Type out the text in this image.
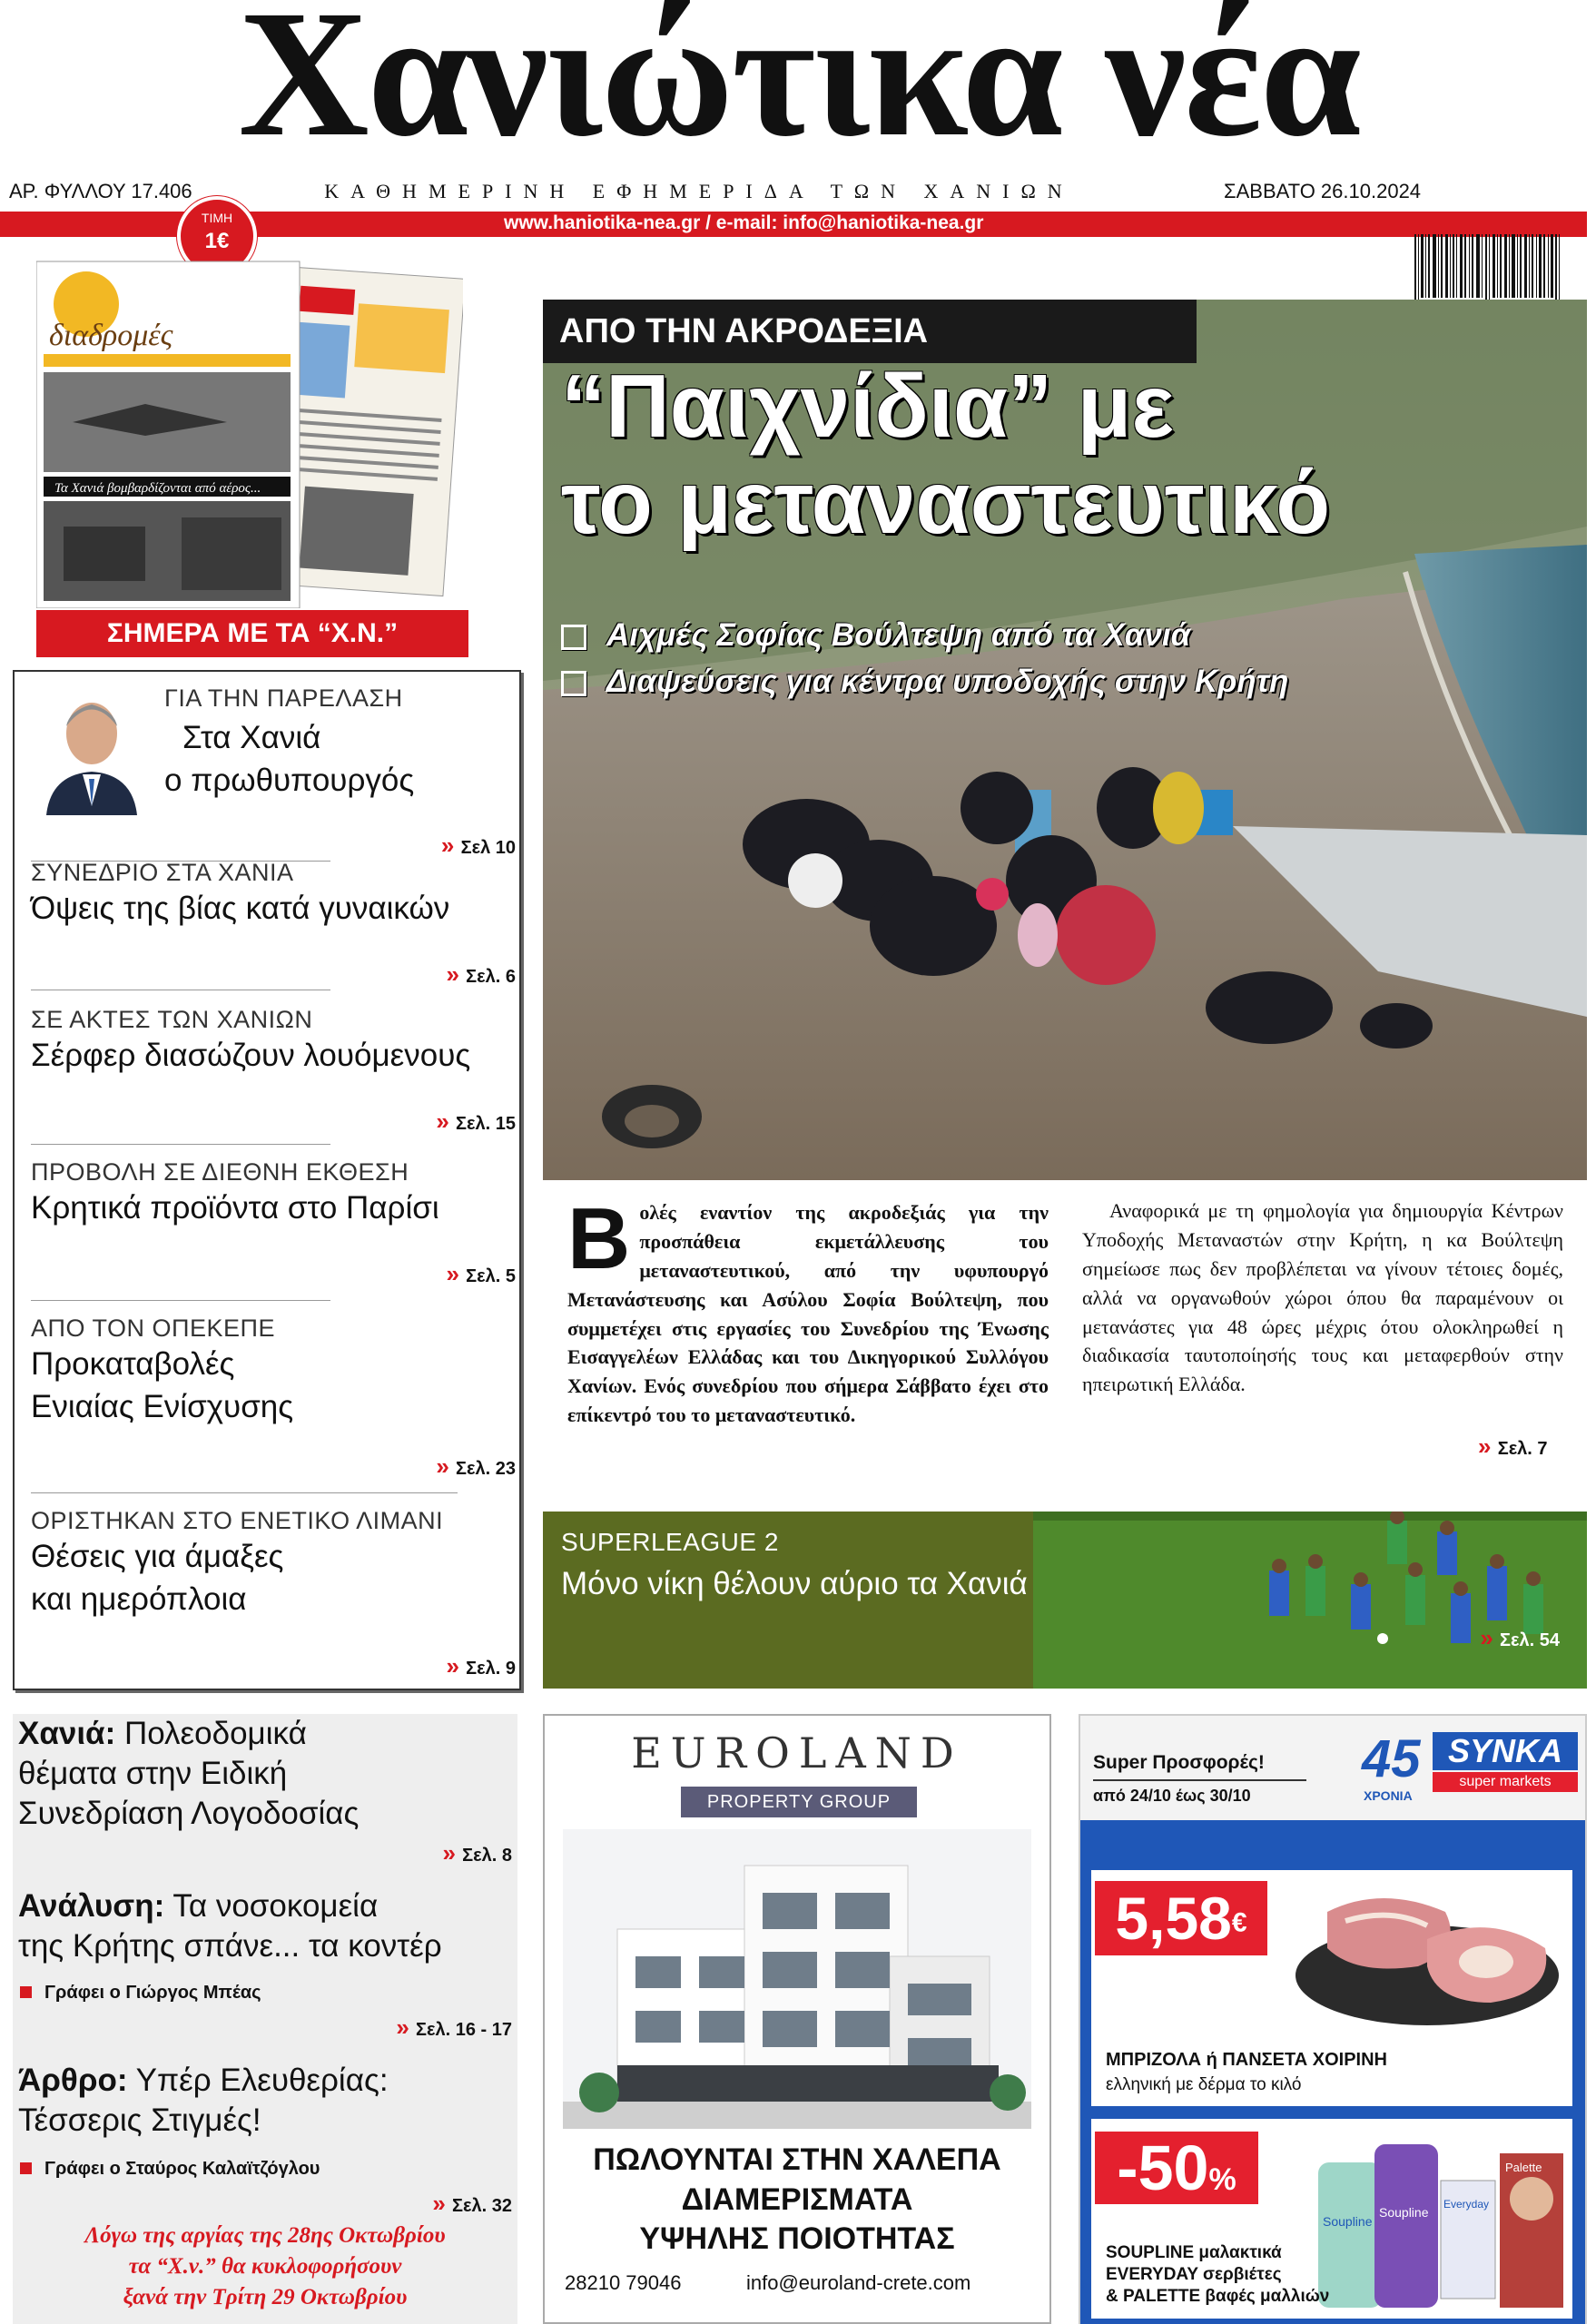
Χανιώτικα νέα
ΑΡ. ΦΥΛΛΟΥ 17.406	ΚΑΘΗΜΕΡΙΝΗ ΕΦΗΜΕΡΙΔΑ ΤΩΝ ΧΑΝΙΩΝ	ΣΑΒΒΑΤΟ 26.10.2024
www.haniotika-nea.gr / e-mail: info@haniotika-nea.gr
ΤΙΜΗ
1€
διαδρομές
Τα Χανιά βομβαρδίζονται από αέρος...
ΣΗΜΕΡΑ ΜΕ ΤΑ “Χ.Ν.”
ΓΙΑ ΤΗΝ ΠΑΡΕΛΑΣΗ
Στα Χανιά
ο πρωθυπουργός
» Σελ 10
ΣΥΝΕΔΡΙΟ ΣΤΑ ΧΑΝΙΑ
Όψεις της βίας κατά γυναικών
» Σελ. 6
ΣΕ ΑΚΤΕΣ ΤΩΝ ΧΑΝΙΩΝ
Σέρφερ διασώζουν λουόμενους
» Σελ. 15
ΠΡΟΒΟΛΗ ΣΕ ΔΙΕΘΝΗ ΕΚΘΕΣΗ
Κρητικά προϊόντα στο Παρίσι
» Σελ. 5
ΑΠΟ ΤΟΝ ΟΠΕΚΕΠΕ
Προκαταβολές
Ενιαίας Ενίσχυσης
» Σελ. 23
ΟΡΙΣΤΗΚΑΝ ΣΤΟ ΕΝΕΤΙΚΟ ΛΙΜΑΝΙ
Θέσεις για άμαξες
και ημερόπλοια
» Σελ. 9
ΑΠΟ ΤΗΝ ΑΚΡΟΔΕΞΙΑ
“Παιχνίδια” με
το μεταναστευτικό
Αιχμές Σοφίας Βούλτεψη από τα Χανιά
Διαψεύσεις για κέντρα υποδοχής στην Κρήτη
Βολές εναντίον της ακροδεξιάς για την προσπάθεια εκμετάλλευσης του μεταναστευτικού, από την υφυπουργό Μετανάστευσης και Ασύλου Σοφία Βούλτεψη, που συμμετέχει στις εργασίες του Συνεδρίου της Ένωσης Εισαγγελέων Ελλάδας και του Δικηγορικού Συλλόγου Χανίων. Ενός συνεδρίου που σήμερα Σάββατο έχει στο επίκεντρό του το μεταναστευτικό.
Αναφορικά με τη φημολογία για δημιουργία Κέντρων Υποδοχής Μεταναστών στην Κρήτη, η κα Βούλτεψη σημείωσε πως δεν προβλέπεται να γίνουν τέτοιες δομές, αλλά να οργανωθούν χώροι όπου θα παραμένουν οι μετανάστες για 48 ώρες μέχρις ότου ολοκληρωθεί η διαδικασία ταυτοποίησής τους και μεταφερθούν στην ηπειρωτική Ελλάδα.
» Σελ. 7
SUPERLEAGUE 2
Μόνο νίκη θέλουν αύριο τα Χανιά
» Σελ. 54
Χανιά: Πολεοδομικά
θέματα στην Ειδική
Συνεδρίαση Λογοδοσίας
» Σελ. 8
Ανάλυση: Τα νοσοκομεία
της Κρήτης σπάνε... τα κοντέρ
Γράφει ο Γιώργος Μπέας
» Σελ. 16 - 17
Άρθρο: Υπέρ Ελευθερίας:
Τέσσερις Στιγμές!
Γράφει ο Σταύρος Καλαϊτζόγλου
» Σελ. 32
Λόγω της αργίας της 28ης Οκτωβρίου
τα “Χ.ν.” θα κυκλοφορήσουν
ξανά την Τρίτη 29 Οκτωβρίου
EUROLAND
PROPERTY GROUP
ΠΩΛΟΥΝΤΑΙ ΣΤΗΝ ΧΑΛΕΠΑ
ΔΙΑΜΕΡΙΣΜΑΤΑ
ΥΨΗΛΗΣ ΠΟΙΟΤΗΤΑΣ
28210 79046	info@euroland-crete.com
Super Προσφορές!
από 24/10 έως 30/10
45
ΧΡΟΝΙΑ
SYNKA
super markets
5,58€
ΜΠΡΙΖΟΛΑ ή ΠΑΝΣΕΤΑ ΧΟΙΡΙΝΗ
ελληνική με δέρμα το κιλό
-50%
Soupline
Soupline
Everyday
Palette
SOUPLINE μαλακτικά
EVERYDAY σερβιέτες
& PALETTE βαφές μαλλιών
